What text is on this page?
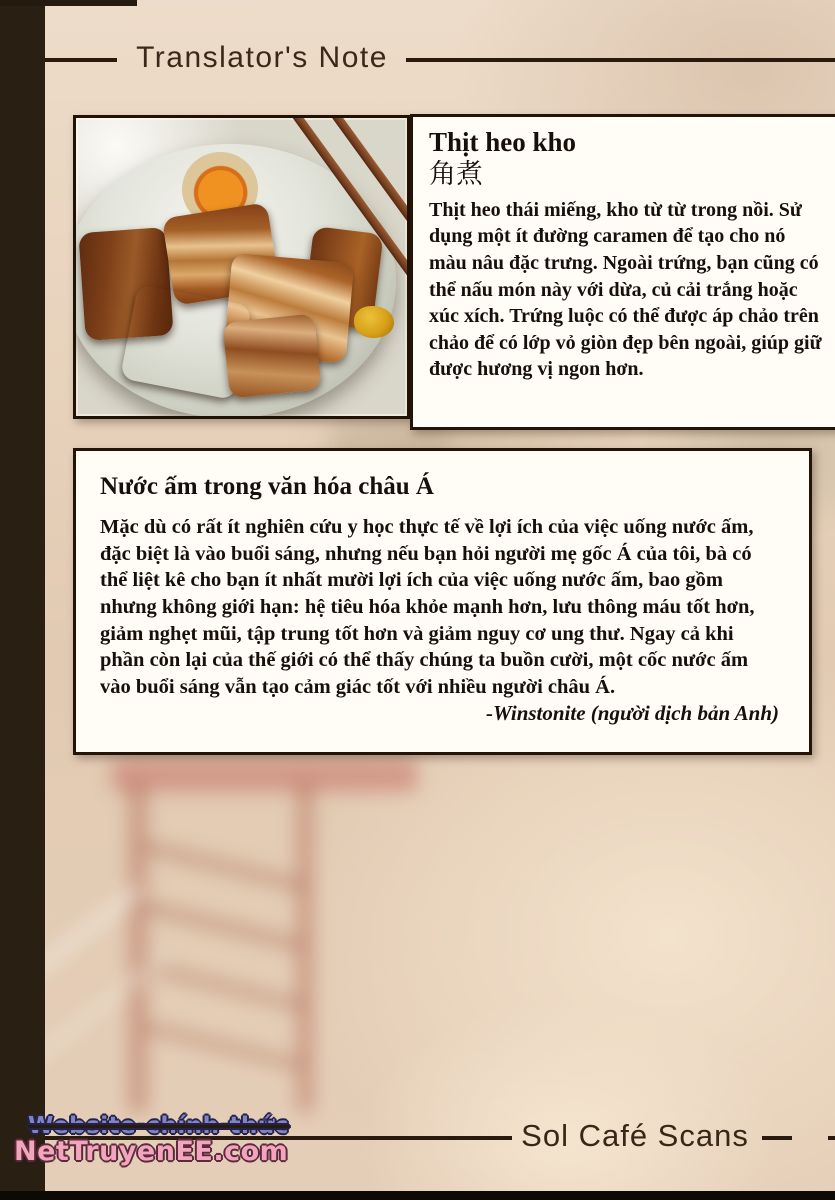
Translator's Note
Thịt heo kho
角煮

Thịt heo thái miếng, kho từ từ trong nồi. Sử dụng một ít đường caramen để tạo cho nó màu nâu đặc trưng. Ngoài trứng, bạn cũng có thể nấu món này với dừa, củ cải trắng hoặc xúc xích. Trứng luộc có thể được áp chảo trên chảo để có lớp vỏ giòn đẹp bên ngoài, giúp giữ được hương vị ngon hơn.

Nước ấm trong văn hóa châu Á

Mặc dù có rất ít nghiên cứu y học thực tế về lợi ích của việc uống nước ấm, đặc biệt là vào buổi sáng, nhưng nếu bạn hỏi người mẹ gốc Á của tôi, bà có thể liệt kê cho bạn ít nhất mười lợi ích của việc uống nước ấm, bao gồm nhưng không giới hạn: hệ tiêu hóa khỏe mạnh hơn, lưu thông máu tốt hơn, giảm nghẹt mũi, tập trung tốt hơn và giảm nguy cơ ung thư. Ngay cả khi phần còn lại của thế giới có thể thấy chúng ta buồn cười, một cốc nước ấm vào buổi sáng vẫn tạo cảm giác tốt với nhiều người châu Á.

-Winstonite (người dịch bản Anh)

Sol Café Scans

Website-chính-thức
NetTruyenEE.com
